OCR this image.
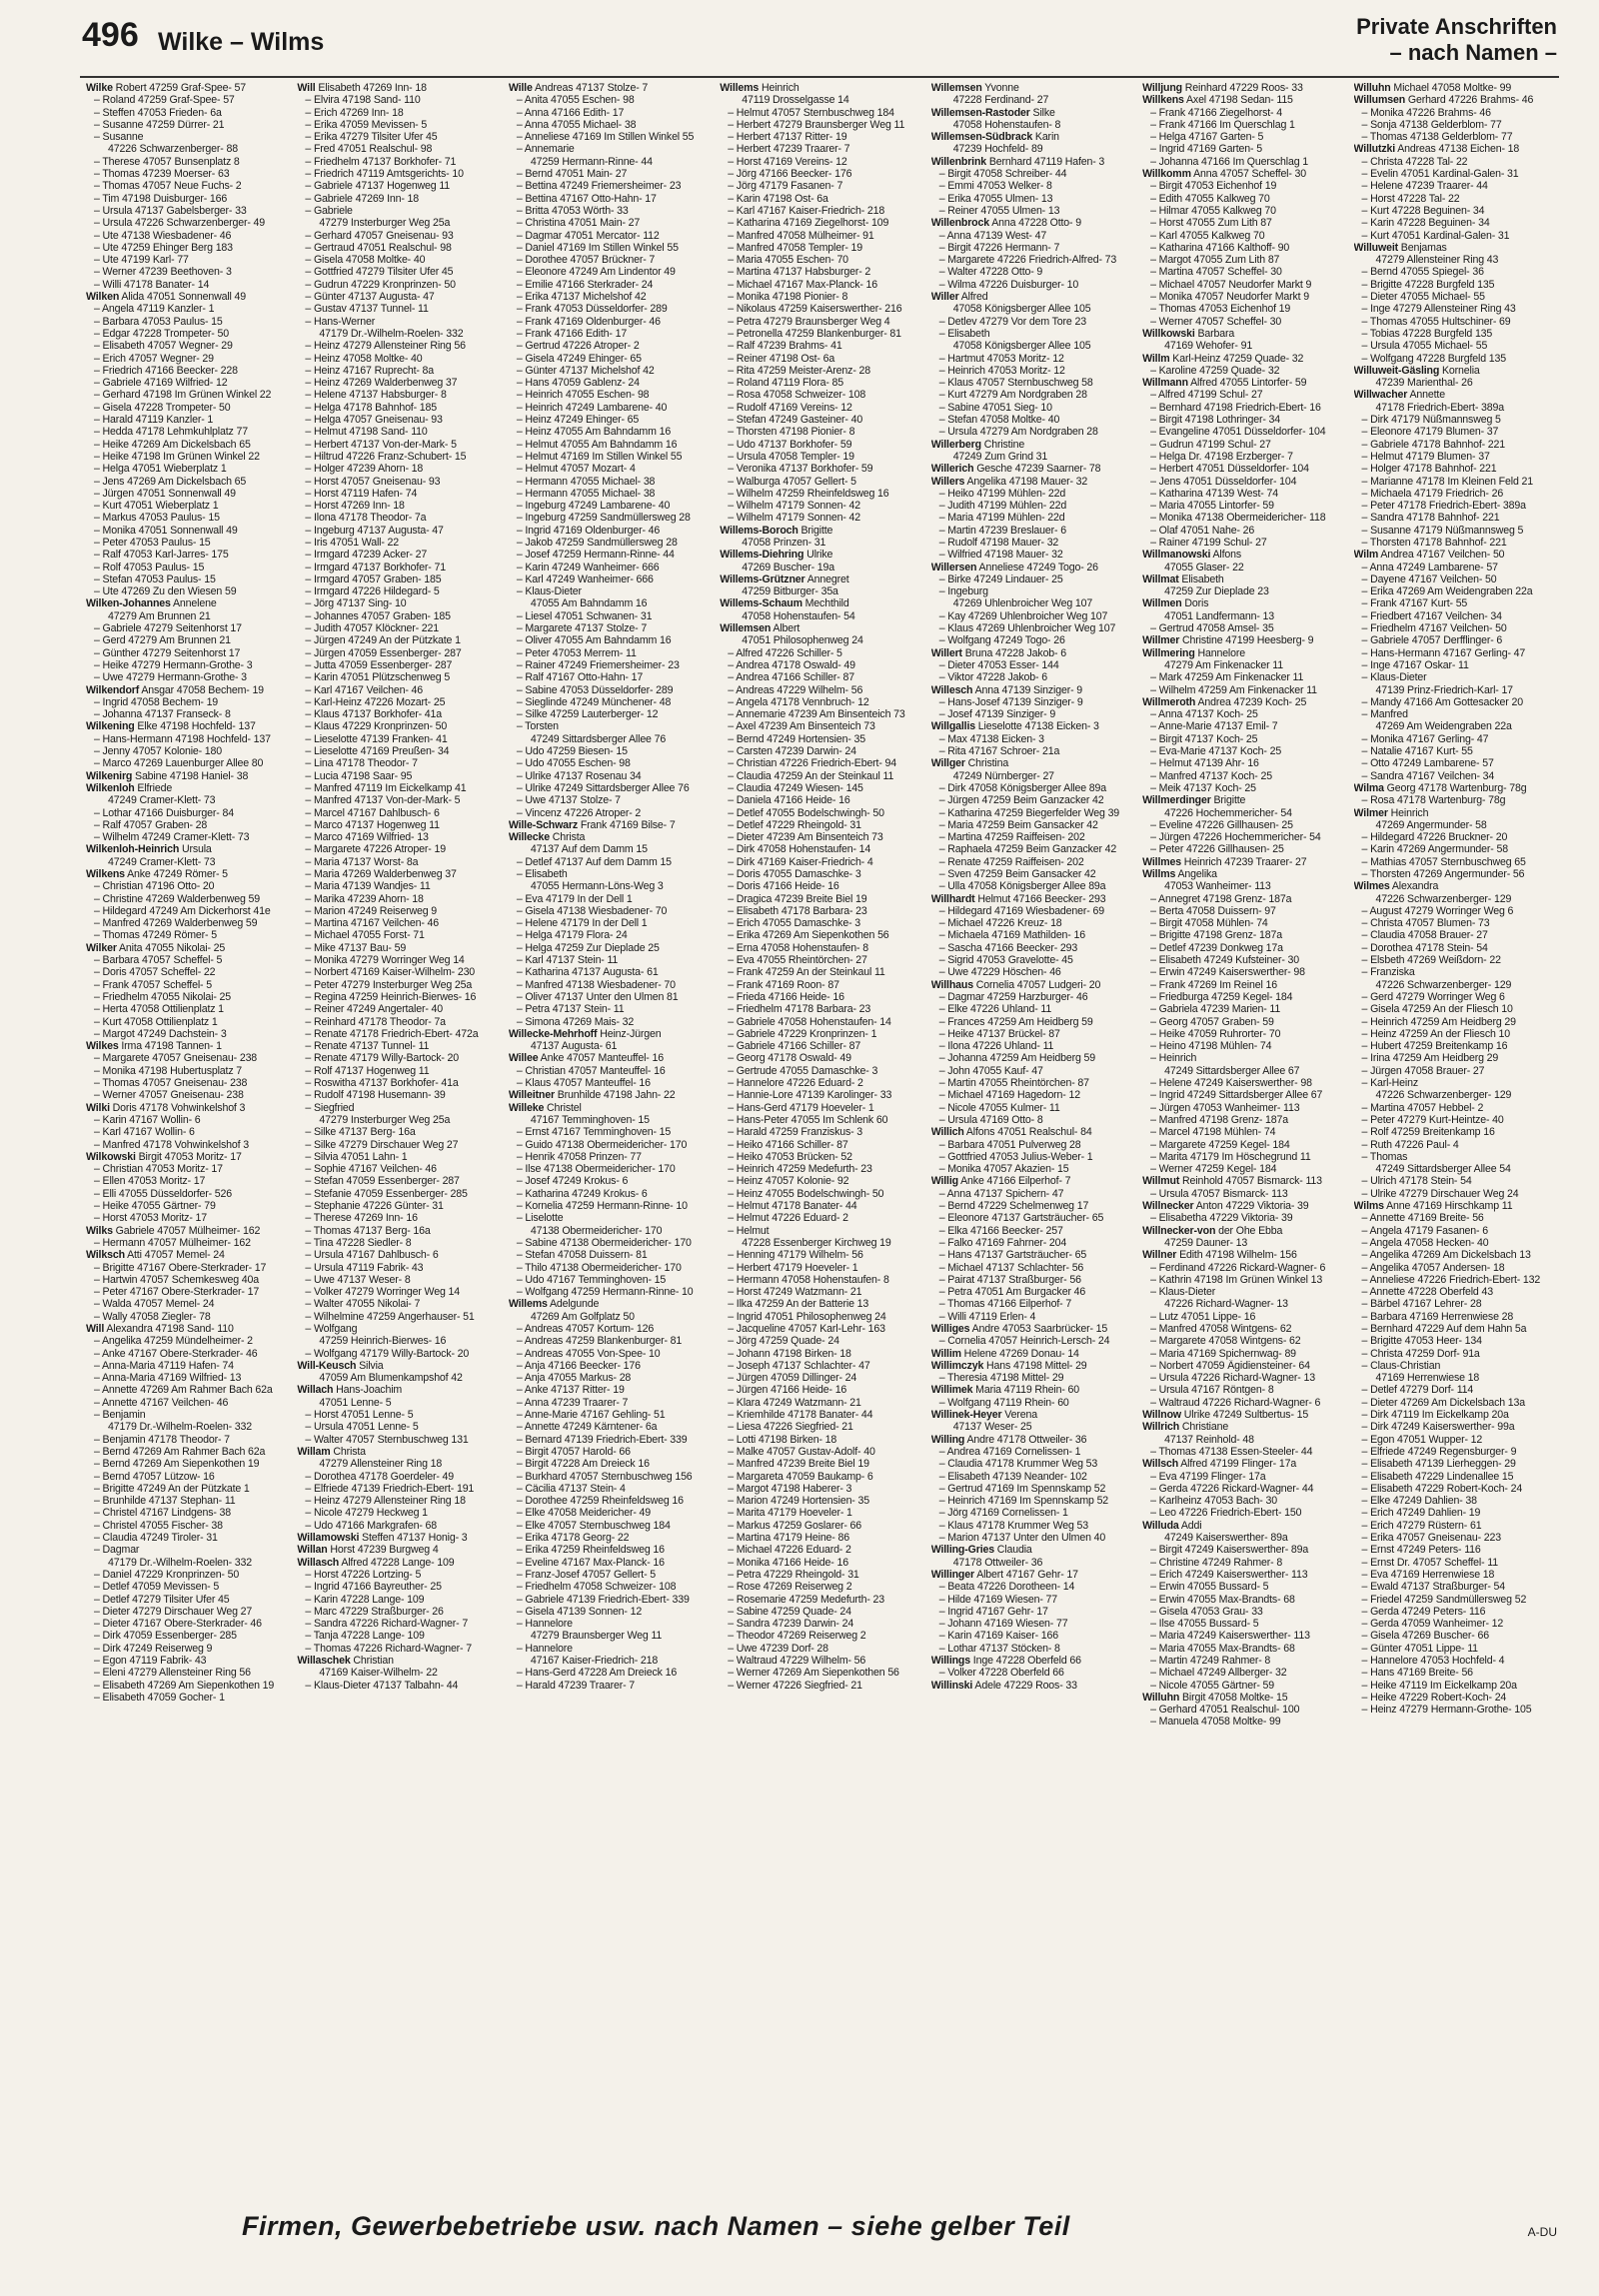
496 Wilke – Wilms
Private Anschriften
– nach Namen –
Wilke Robert 47259 Graf-Spee- 57
– Roland 47259 Graf-Spee- 57
– Steffen 47053 Frieden- 6a
– Susanne 47259 Dürrer- 21
– Susanne
47226 Schwarzenberger- 88
– Therese 47057 Bunsenplatz 8
– Thomas 47239 Moerser- 63
– Thomas 47057 Neue Fuchs- 2
– Tim 47198 Duisburger- 166
– Ursula 47137 Gabelsberger- 33
– Ursula 47226 Schwarzenberger- 49
– Ute 47138 Wiesbadener- 46
– Ute 47259 Ehinger Berg 183
– Ute 47199 Karl- 77
– Werner 47239 Beethoven- 3
– Willi 47178 Banater- 14
Wilken Alida 47051 Sonnenwall 49
– Angela 47119 Kanzler- 1
– Barbara 47053 Paulus- 15
– Edgar 47228 Trompeter- 50
– Elisabeth 47057 Wegner- 29
– Erich 47057 Wegner- 29
– Friedrich 47166 Beecker- 228
– Gabriele 47169 Wilfried- 12
– Gerhard 47198 Im Grünen Winkel 22
– Gisela 47228 Trompeter- 50
– Harald 47119 Kanzler- 1
– Hedda 47178 Lehmkuhlplatz 77
– Heike 47269 Am Dickelsbach 65
– Heike 47198 Im Grünen Winkel 22
– Helga 47051 Wieberplatz 1
– Jens 47269 Am Dickelsbach 65
– Jürgen 47051 Sonnenwall 49
– Kurt 47051 Wieberplatz 1
– Markus 47053 Paulus- 15
– Monika 47051 Sonnenwall 49
– Peter 47053 Paulus- 15
– Ralf 47053 Karl-Jarres- 175
– Rolf 47053 Paulus- 15
– Stefan 47053 Paulus- 15
– Ute 47269 Zu den Wiesen 59
Wilken-Johannes Annelene
47279 Am Brunnen 21
– Gabriele 47279 Seitenhorst 17
– Gerd 47279 Am Brunnen 21
– Günther 47279 Seitenhorst 17
– Heike 47279 Hermann-Grothe- 3
– Uwe 47279 Hermann-Grothe- 3
Wilkendorf Ansgar 47058 Bechem- 19
– Ingrid 47058 Bechem- 19
– Johanna 47137 Franseck- 8
Wilkening Elke 47198 Hochfeld- 137
– Hans-Hermann 47198 Hochfeld- 137
– Jenny 47057 Kolonie- 180
– Marco 47269 Lauenburger Allee 80
Wilkenirg Sabine 47198 Haniel- 38
Wilkenloh Elfriede
47249 Cramer-Klett- 73
– Lothar 47166 Duisburger- 84
– Ralf 47057 Graben- 28
– Wilhelm 47249 Cramer-Klett- 73
Wilkenloh-Heinrich Ursula
47249 Cramer-Klett- 73
Wilkens Anke 47249 Römer- 5
– Christian 47196 Otto- 20
– Christine 47269 Walderbenweg 59
– Hildegard 47249 Am Dickerhorst 41e
– Manfred 47269 Walderbenweg 59
– Thomas 47249 Römer- 5
Wilker Anita 47055 Nikolai- 25
– Barbara 47057 Scheffel- 5
– Doris 47057 Scheffel- 22
– Frank 47057 Scheffel- 5
– Friedhelm 47055 Nikolai- 25
– Herta 47058 Ottilienplatz 1
– Kurt 47058 Ottilienplatz 1
– Margot 47249 Dachstein- 3
Wilkes Irma 47198 Tannen- 1
– Margarete 47057 Gneisenau- 238
– Monika 47198 Hubertusplatz 7
– Thomas 47057 Gneisenau- 238
– Werner 47057 Gneisenau- 238
Wilki Doris 47178 Vohwinkelshof 3
– Karin 47167 Wollin- 6
– Karl 47167 Wollin- 6
– Manfred 47178 Vohwinkelshof 3
Wilkowski Birgit 47053 Moritz- 17
– Christian 47053 Moritz- 17
– Ellen 47053 Moritz- 17
– Elli 47055 Düsseldorfer- 526
– Heike 47055 Gärtner- 79
– Horst 47053 Moritz- 17
Wilks Gabriele 47057 Mülheimer- 162
– Hermann 47057 Mülheimer- 162
Wilksch Atti 47057 Memel- 24
– Brigitte 47167 Obere-Sterkrader- 17
– Hartwin 47057 Schemkesweg 40a
– Peter 47167 Obere-Sterkrader- 17
– Walda 47057 Memel- 24
– Wally 47058 Ziegler- 78
Will Alexandra 47198 Sand- 110
– Angelika 47259 Mündelheimer- 2
– Anke 47167 Obere-Sterkrader- 46
– Anna-Maria 47119 Hafen- 74
– Anna-Maria 47169 Wilfried- 13
– Annette 47269 Am Rahmer Bach 62a
– Annette 47167 Veilchen- 46
– Benjamin
47179 Dr.-Wilhelm-Roelen- 332
– Benjamin 47178 Theodor- 7
– Bernd 47269 Am Rahmer Bach 62a
– Bernd 47269 Am Siepenkothen 19
– Bernd 47057 Lützow- 16
– Brigitte 47249 An der Pützkate 1
– Brunhilde 47137 Stephan- 11
– Christel 47167 Lindgens- 38
– Christel 47055 Fischer- 38
– Claudia 47249 Tiroler- 31
– Dagmar
47179 Dr.-Wilhelm-Roelen- 332
– Daniel 47229 Kronprinzen- 50
– Detlef 47059 Mevissen- 5
– Detlef 47279 Tilsiter Ufer 45
– Dieter 47279 Dirschauer Weg 27
– Dieter 47167 Obere-Sterkrader- 46
– Dirk 47059 Essenberger- 285
– Dirk 47249 Reiserweg 9
– Egon 47119 Fabrik- 43
– Eleni 47279 Allensteiner Ring 56
– Elisabeth 47269 Am Siepenkothen 19
– Elisabeth 47059 Gocher- 1
Will Elisabeth 47269 Inn- 18
– Elvira 47198 Sand- 110
– Erich 47269 Inn- 18
– Erika 47059 Mevissen- 5
– Erika 47279 Tilsiter Ufer 45
– Fred 47051 Realschul- 98
– Friedhelm 47137 Borkhofer- 71
– Friedrich 47119 Amtsgerichts- 10
– Gabriele 47137 Hogenweg 11
– Gabriele 47269 Inn- 18
– Gabriele
47279 Insterburger Weg 25a
– Gerhard 47057 Gneisenau- 93
– Gertraud 47051 Realschul- 98
– Gisela 47058 Moltke- 40
– Gottfried 47279 Tilsiter Ufer 45
– Gudrun 47229 Kronprinzen- 50
– Günter 47137 Augusta- 47
– Gustav 47137 Tunnel- 11
– Hans-Werner
47179 Dr.-Wilhelm-Roelen- 332
– Heinz 47279 Allensteiner Ring 56
– Heinz 47058 Moltke- 40
– Heinz 47167 Ruprecht- 8a
– Heinz 47269 Walderbenweg 37
– Helene 47137 Habsburger- 8
– Helga 47178 Bahnhof- 185
– Helga 47057 Gneisenau- 93
– Helmut 47198 Sand- 110
– Herbert 47137 Von-der-Mark- 5
– Hiltrud 47226 Franz-Schubert- 15
– Holger 47239 Ahorn- 18
– Horst 47057 Gneisenau- 93
– Horst 47119 Hafen- 74
– Horst 47269 Inn- 18
– Ilona 47178 Theodor- 7a
– Ingeburg 47137 Augusta- 47
– Iris 47051 Wall- 22
– Irmgard 47239 Acker- 27
– Irmgard 47137 Borkhofer- 71
– Irmgard 47057 Graben- 185
– Irmgard 47226 Hildegard- 5
– Jörg 47137 Sing- 10
– Johannes 47057 Graben- 185
– Judith 47057 Klöckner- 221
– Jürgen 47249 An der Pützkate 1
– Jürgen 47059 Essenberger- 287
– Jutta 47059 Essenberger- 287
– Karin 47051 Plützschenweg 5
– Karl 47167 Veilchen- 46
– Karl-Heinz 47226 Mozart- 25
– Klaus 47137 Borkhofer- 41a
– Klaus 47229 Kronprinzen- 50
– Lieselotte 47139 Franken- 41
– Lieselotte 47169 Preußen- 34
– Lina 47178 Theodor- 7
– Lucia 47198 Saar- 95
– Manfred 47119 Im Eickelkamp 41
– Manfred 47137 Von-der-Mark- 5
– Marcel 47167 Dahlbusch- 6
– Marco 47137 Hogenweg 11
– Marco 47169 Wilfried- 13
– Margarete 47226 Atroper- 19
– Maria 47137 Worst- 8a
– Maria 47269 Walderbenweg 37
– Maria 47139 Wandjes- 11
– Marika 47239 Ahorn- 18
– Marion 47249 Reiserweg 9
– Martina 47167 Veilchen- 46
– Michael 47055 Forst- 71
– Mike 47137 Bau- 59
– Monika 47279 Worringer Weg 14
– Norbert 47169 Kaiser-Wilhelm- 230
– Peter 47279 Insterburger Weg 25a
– Regina 47259 Heinrich-Bierwes- 16
– Reiner 47249 Angertaler- 40
– Reinhard 47178 Theodor- 7a
– Renate 47178 Friedrich-Ebert- 472a
– Renate 47137 Tunnel- 11
– Renate 47179 Willy-Bartock- 20
– Rolf 47137 Hogenweg 11
– Roswitha 47137 Borkhofer- 41a
– Rudolf 47198 Husemann- 39
– Siegfried
47279 Insterburger Weg 25a
– Silke 47137 Berg- 16a
– Silke 47279 Dirschauer Weg 27
– Silvia 47051 Lahn- 1
– Sophie 47167 Veilchen- 46
– Stefan 47059 Essenberger- 287
– Stefanie 47059 Essenberger- 285
– Stephanie 47226 Günter- 31
– Therese 47269 Inn- 16
– Thomas 47137 Berg- 16a
– Tina 47228 Siedler- 8
– Ursula 47167 Dahlbusch- 6
– Ursula 47119 Fabrik- 43
– Uwe 47137 Weser- 8
– Volker 47279 Worringer Weg 14
– Walter 47055 Nikolai- 7
– Wilhelmine 47259 Angerhauser- 51
– Wolfgang
47259 Heinrich-Bierwes- 16
– Wolfgang 47179 Willy-Bartock- 20
Will-Keusch Silvia
47059 Am Blumenkampshof 42
Willach Hans-Joachim
47051 Lenne- 5
– Horst 47051 Lenne- 5
– Ursula 47051 Lenne- 5
– Walter 47057 Sternbuschweg 131
Willam Christa
47279 Allensteiner Ring 18
– Dorothea 47178 Goerdeler- 49
– Elfriede 47139 Friedrich-Ebert- 191
– Heinz 47279 Allensteiner Ring 18
– Nicole 47279 Heckweg 1
– Udo 47166 Markgrafen- 68
Willamowski Steffen 47137 Honig- 3
Willan Horst 47239 Burgweg 4
Willasch Alfred 47228 Lange- 109
– Horst 47226 Lortzing- 5
– Ingrid 47166 Bayreuther- 25
– Karin 47228 Lange- 109
– Marc 47229 Straßburger- 26
– Sandra 47226 Richard-Wagner- 7
– Tanja 47228 Lange- 109
– Thomas 47226 Richard-Wagner- 7
Willaschek Christian
47169 Kaiser-Wilhelm- 22
– Klaus-Dieter 47137 Talbahn- 44
Wille Andreas 47137 Stolze- 7
– Anita 47055 Eschen- 98
– Anna 47166 Edith- 17
– Anna 47055 Michael- 38
– Anneliese 47169 Im Stillen Winkel 55
– Annemarie
47259 Hermann-Rinne- 44
– Bernd 47051 Main- 27
– Bettina 47249 Friemersheimer- 23
– Bettina 47167 Otto-Hahn- 17
– Britta 47053 Wörth- 33
– Christina 47051 Main- 27
– Dagmar 47051 Mercator- 112
– Daniel 47169 Im Stillen Winkel 55
– Dorothee 47057 Brückner- 7
– Eleonore 47249 Am Lindentor 49
– Emilie 47166 Sterkrader- 24
– Erika 47137 Michelshof 42
– Frank 47053 Düsseldorfer- 289
– Frank 47169 Oldenburger- 46
– Frank 47166 Edith- 17
– Gertrud 47226 Atroper- 2
– Gisela 47249 Ehinger- 65
– Günter 47137 Michelshof 42
– Hans 47059 Gablenz- 24
– Heinrich 47055 Eschen- 98
– Heinrich 47249 Lambarene- 40
– Heinz 47249 Ehinger- 65
– Heinz 47055 Am Bahndamm 16
– Helmut 47055 Am Bahndamm 16
– Helmut 47169 Im Stillen Winkel 55
– Helmut 47057 Mozart- 4
– Hermann 47055 Michael- 38
– Hermann 47055 Michael- 38
– Ingeburg 47249 Lambarene- 40
– Ingeburg 47259 Sandmüllersweg 28
– Ingrid 47169 Oldenburger- 46
– Jakob 47259 Sandmüllersweg 28
– Josef 47259 Hermann-Rinne- 44
– Karin 47249 Wanheimer- 666
– Karl 47249 Wanheimer- 666
– Klaus-Dieter
47055 Am Bahndamm 16
– Liesel 47051 Schwanen- 31
– Margarete 47137 Stolze- 7
– Oliver 47055 Am Bahndamm 16
– Peter 47053 Merrem- 11
– Rainer 47249 Friemersheimer- 23
– Ralf 47167 Otto-Hahn- 17
– Sabine 47053 Düsseldorfer- 289
– Sieglinde 47249 Münchener- 48
– Silke 47259 Lauterberger- 12
– Torsten
47249 Sittardsberger Allee 76
– Udo 47259 Biesen- 15
– Udo 47055 Eschen- 98
– Ulrike 47137 Rosenau 34
– Ulrike 47249 Sittardsberger Allee 76
– Uwe 47137 Stolze- 7
– Vincenz 47226 Atroper- 2
Wille-Schwarz Frank 47169 Bilse- 7
Willecke Christa
47137 Auf dem Damm 15
– Detlef 47137 Auf dem Damm 15
– Elisabeth
47055 Hermann-Löns-Weg 3
– Eva 47179 In der Dell 1
– Gisela 47138 Wiesbadener- 70
– Helene 47179 In der Dell 1
– Helga 47179 Flora- 24
– Helga 47259 Zur Dieplade 25
– Karl 47137 Stein- 11
– Katharina 47137 Augusta- 61
– Manfred 47138 Wiesbadener- 70
– Oliver 47137 Unter den Ulmen 81
– Petra 47137 Stein- 11
– Simona 47269 Mais- 32
Willecke-Mehrhoff Heinz-Jürgen
47137 Augusta- 61
Willee Anke 47057 Manteuffel- 16
– Christian 47057 Manteuffel- 16
– Klaus 47057 Manteuffel- 16
Willeitner Brunhilde 47198 Jahn- 22
Willeke Christel
47167 Temminghoven- 15
– Ernst 47167 Temminghoven- 15
– Guido 47138 Obermeidericher- 170
– Henrik 47058 Prinzen- 77
– Ilse 47138 Obermeidericher- 170
– Josef 47249 Krokus- 6
– Katharina 47249 Krokus- 6
– Kornelia 47259 Hermann-Rinne- 10
– Liselotte
47138 Obermeidericher- 170
– Sabine 47138 Obermeidericher- 170
– Stefan 47058 Duissern- 81
– Thilo 47138 Obermeidericher- 170
– Udo 47167 Temminghoven- 15
– Wolfgang 47259 Hermann-Rinne- 10
Willems Adelgunde
47269 Am Golfplatz 50
– Andreas 47057 Kortum- 126
– Andreas 47259 Blankenburger- 81
– Andreas 47055 Von-Spee- 10
– Anja 47166 Beecker- 176
– Anja 47055 Markus- 28
– Anke 47137 Ritter- 19
– Anna 47239 Traarer- 7
– Anne-Marie 47167 Gehling- 51
– Annette 47249 Kärntener- 6a
– Bernard 47139 Friedrich-Ebert- 339
– Birgit 47057 Harold- 66
– Birgit 47228 Am Dreieck 16
– Burkhard 47057 Sternbuschweg 156
– Cäcilia 47137 Stein- 4
– Dorothee 47259 Rheinfeldsweg 16
– Elke 47058 Meidericher- 49
– Elke 47057 Sternbuschweg 184
– Erika 47178 Georg- 22
– Erika 47259 Rheinfeldsweg 16
– Eveline 47167 Max-Planck- 16
– Franz-Josef 47057 Gellert- 5
– Friedhelm 47058 Schweizer- 108
– Gabriele 47139 Friedrich-Ebert- 339
– Gisela 47139 Sonnen- 12
– Hannelore
47279 Braunsberger Weg 11
– Hannelore
47167 Kaiser-Friedrich- 218
– Hans-Gerd 47228 Am Dreieck 16
– Harald 47239 Traarer- 7
Willems Heinrich
47119 Drosselgasse 14
– Helmut 47057 Sternbuschweg 184
– Herbert 47279 Braunsberger Weg 11
– Herbert 47137 Ritter- 19
– Herbert 47239 Traarer- 7
– Horst 47169 Vereins- 12
– Jörg 47166 Beecker- 176
– Jörg 47179 Fasanen- 7
– Karin 47198 Ost- 6a
– Karl 47167 Kaiser-Friedrich- 218
– Katharina 47169 Ziegelhorst- 109
– Manfred 47058 Mülheimer- 91
– Manfred 47058 Templer- 19
– Maria 47055 Eschen- 70
– Martina 47137 Habsburger- 2
– Michael 47167 Max-Planck- 16
– Monika 47198 Pionier- 8
– Nikolaus 47259 Kaiserswerther- 216
– Petra 47279 Braunsberger Weg 4
– Petronella 47259 Blankenburger- 81
– Ralf 47239 Brahms- 41
– Reiner 47198 Ost- 6a
– Rita 47259 Meister-Arenz- 28
– Roland 47119 Flora- 85
– Rosa 47058 Schweizer- 108
– Rudolf 47169 Vereins- 12
– Stefan 47249 Gasteiner- 40
– Thorsten 47198 Pionier- 8
– Udo 47137 Borkhofer- 59
– Ursula 47058 Templer- 19
– Veronika 47137 Borkhofer- 59
– Walburga 47057 Gellert- 5
– Wilhelm 47259 Rheinfeldsweg 16
– Wilhelm 47179 Sonnen- 42
– Wilhelm 47179 Sonnen- 42
Willems-Boroch Brigitte
47058 Prinzen- 31
Willems-Diehring Ulrike
47269 Buscher- 19a
Willems-Grützner Annegret
47259 Bitburger- 35a
Willems-Schaum Mechthild
47058 Hohenstaufen- 54
Willemsen Albert
47051 Philosophenweg 24
– Alfred 47226 Schiller- 5
– Andrea 47178 Oswald- 49
– Andrea 47166 Schiller- 87
– Andreas 47229 Wilhelm- 56
– Angela 47178 Vennbruch- 12
– Annemarie 47239 Am Binsenteich 73
– Axel 47239 Am Binsenteich 73
– Bernd 47249 Hortensien- 35
– Carsten 47239 Darwin- 24
– Christian 47226 Friedrich-Ebert- 94
– Claudia 47259 An der Steinkaul 11
– Claudia 47249 Wiesen- 145
– Daniela 47166 Heide- 16
– Detlef 47055 Bodelschwingh- 50
– Detlef 47229 Rheingold- 31
– Dieter 47239 Am Binsenteich 73
– Dirk 47058 Hohenstaufen- 14
– Dirk 47169 Kaiser-Friedrich- 4
– Doris 47055 Damaschke- 3
– Doris 47166 Heide- 16
– Dragica 47239 Breite Biel 19
– Elisabeth 47178 Barbara- 23
– Erich 47055 Damaschke- 3
– Erika 47269 Am Siepenkothen 56
– Erna 47058 Hohenstaufen- 8
– Eva 47055 Rheintörchen- 27
– Frank 47259 An der Steinkaul 11
– Frank 47169 Roon- 87
– Frieda 47166 Heide- 16
– Friedhelm 47178 Barbara- 23
– Gabriele 47058 Hohenstaufen- 14
– Gabriele 47229 Kronprinzen- 1
– Gabriele 47166 Schiller- 87
– Georg 47178 Oswald- 49
– Gertrude 47055 Damaschke- 3
– Hannelore 47226 Eduard- 2
– Hannie-Lore 47139 Karolinger- 33
– Hans-Gerd 47179 Hoeveler- 1
– Hans-Peter 47055 Im Schlenk 60
– Harald 47259 Franziskus- 3
– Heiko 47166 Schiller- 87
– Heiko 47053 Brücken- 52
– Heinrich 47259 Medefurth- 23
– Heinz 47057 Kolonie- 92
– Heinz 47055 Bodelschwingh- 50
– Helmut 47178 Banater- 44
– Helmut 47226 Eduard- 2
– Helmut
47228 Essenberger Kirchweg 19
– Henning 47179 Wilhelm- 56
– Herbert 47179 Hoeveler- 1
– Hermann 47058 Hohenstaufen- 8
– Horst 47249 Watzmann- 21
– Ilka 47259 An der Batterie 13
– Ingrid 47051 Philosophenweg 24
– Jacqueline 47057 Karl-Lehr- 163
– Jörg 47259 Quade- 24
– Johann 47198 Birken- 18
– Joseph 47137 Schlachter- 47
– Jürgen 47059 Dillinger- 24
– Jürgen 47166 Heide- 16
– Klara 47249 Watzmann- 21
– Kriemhilde 47178 Banater- 44
– Liesa 47226 Siegfried- 21
– Lotti 47198 Birken- 18
– Malke 47057 Gustav-Adolf- 40
– Manfred 47239 Breite Biel 19
– Margareta 47059 Baukamp- 6
– Margot 47198 Haberer- 3
– Marion 47249 Hortensien- 35
– Marita 47179 Hoeveler- 1
– Markus 47259 Goslarer- 66
– Martina 47179 Heine- 86
– Michael 47226 Eduard- 2
– Monika 47166 Heide- 16
– Petra 47229 Rheingold- 31
– Rose 47269 Reiserweg 2
– Rosemarie 47259 Medefurth- 23
– Sabine 47259 Quade- 24
– Sandra 47239 Darwin- 24
– Theodor 47269 Reiserweg 2
– Uwe 47239 Dorf- 28
– Waltraud 47229 Wilhelm- 56
– Werner 47269 Am Siepenkothen 56
– Werner 47226 Siegfried- 21
Willemsen Yvonne
47228 Ferdinand- 27
Willemsen-Rastoder Silke
47058 Hohenstaufen- 8
Willemsen-Südbrack Karin
47239 Hochfeld- 89
Willenbrink Bernhard 47119 Hafen- 3
– Birgit 47058 Schreiber- 44
– Emmi 47053 Welker- 8
– Erika 47055 Ulmen- 13
– Reiner 47055 Ulmen- 13
Willenbrock Anna 47228 Otto- 9
– Anna 47139 West- 47
– Birgit 47226 Hermann- 7
– Margarete 47226 Friedrich-Alfred- 73
– Walter 47228 Otto- 9
– Wilma 47226 Duisburger- 10
Willer Alfred
47058 Königsberger Allee 105
– Detlev 47279 Vor dem Tore 23
– Elisabeth
47058 Königsberger Allee 105
– Hartmut 47053 Moritz- 12
– Heinrich 47053 Moritz- 12
– Klaus 47057 Sternbuschweg 58
– Kurt 47279 Am Nordgraben 28
– Sabine 47051 Sieg- 10
– Stefan 47058 Moltke- 40
– Ursula 47279 Am Nordgraben 28
Willerberg Christine
47249 Zum Grind 31
Willerich Gesche 47239 Saarner- 78
Willers Angelika 47198 Mauer- 32
– Heiko 47199 Mühlen- 22d
– Judith 47199 Mühlen- 22d
– Maria 47199 Mühlen- 22d
– Martin 47239 Breslauer- 6
– Rudolf 47198 Mauer- 32
– Wilfried 47198 Mauer- 32
Willersen Anneliese 47249 Togo- 26
– Birke 47249 Lindauer- 25
– Ingeburg
47269 Uhlenbroicher Weg 107
– Kay 47269 Uhlenbroicher Weg 107
– Klaus 47269 Uhlenbroicher Weg 107
– Wolfgang 47249 Togo- 26
Willert Bruna 47228 Jakob- 6
– Dieter 47053 Esser- 144
– Viktor 47228 Jakob- 6
Willesch Anna 47139 Sinziger- 9
– Hans-Josef 47139 Sinziger- 9
– Josef 47139 Sinziger- 9
Willgallis Lieselotte 47138 Eicken- 3
– Max 47138 Eicken- 3
– Rita 47167 Schroer- 21a
Willger Christina
47249 Nürnberger- 27
– Dirk 47058 Königsberger Allee 89a
– Jürgen 47259 Beim Ganzacker 42
– Katharina 47259 Biegerfelder Weg 39
– Maria 47259 Beim Gansacker 42
– Martina 47259 Raiffeisen- 202
– Raphaela 47259 Beim Ganzacker 42
– Renate 47259 Raiffeisen- 202
– Sven 47259 Beim Gansacker 42
– Ulla 47058 Königsberger Allee 89a
Willhardt Helmut 47166 Beecker- 293
– Hildegard 47169 Wiesbadener- 69
– Michael 47226 Kreuz- 18
– Michaela 47169 Mathilden- 16
– Sascha 47166 Beecker- 293
– Sigrid 47053 Gravelotte- 45
– Uwe 47229 Höschen- 46
Willhaus Cornelia 47057 Ludgeri- 20
– Dagmar 47259 Harzburger- 46
– Elke 47226 Uhland- 11
– Frances 47259 Am Heidberg 59
– Heike 47137 Brückel- 87
– Ilona 47226 Uhland- 11
– Johanna 47259 Am Heidberg 59
– John 47055 Kauf- 47
– Martin 47055 Rheintörchen- 87
– Michael 47169 Hagedorn- 12
– Nicole 47055 Kulmer- 11
– Ursula 47169 Otto- 8
Willich Alfons 47051 Realschul- 84
– Barbara 47051 Pulverweg 28
– Gottfried 47053 Julius-Weber- 1
– Monika 47057 Akazien- 15
Willig Anke 47166 Eilperhof- 7
– Anna 47137 Spichern- 47
– Bernd 47229 Schelmenweg 17
– Eleonore 47137 Gartsträucher- 65
– Elka 47166 Beecker- 257
– Falko 47169 Fahrner- 204
– Hans 47137 Gartsträucher- 65
– Michael 47137 Schlachter- 56
– Pairat 47137 Straßburger- 56
– Petra 47051 Am Burgacker 46
– Thomas 47166 Eilperhof- 7
– Willi 47119 Erlen- 4
Williges Andre 47053 Saarbrücker- 15
– Cornelia 47057 Heinrich-Lersch- 24
Willim Helene 47269 Donau- 14
Willimczyk Hans 47198 Mittel- 29
– Theresia 47198 Mittel- 29
Willimek Maria 47119 Rhein- 60
– Wolfgang 47119 Rhein- 60
Willinek-Heyer Verena
47137 Weser- 25
Willing Andre 47178 Ottweiler- 36
– Andrea 47169 Cornelissen- 1
– Claudia 47178 Krummer Weg 53
– Elisabeth 47139 Neander- 102
– Gertrud 47169 Im Spennskamp 52
– Heinrich 47169 Im Spennskamp 52
– Jörg 47169 Cornelissen- 1
– Klaus 47178 Krummer Weg 53
– Marion 47137 Unter den Ulmen 40
Willing-Gries Claudia
47178 Ottweiler- 36
Willinger Albert 47167 Gehr- 17
– Beata 47226 Dorotheen- 14
– Hilde 47169 Wiesen- 77
– Ingrid 47167 Gehr- 17
– Johann 47169 Wiesen- 77
– Karin 47169 Kaiser- 166
– Lothar 47137 Stöcken- 8
Willings Inge 47228 Oberfeld 66
– Volker 47228 Oberfeld 66
Willinski Adele 47229 Roos- 33
Willjung Reinhard 47229 Roos- 33
Willkens Axel 47198 Sedan- 115
– Frank 47166 Ziegelhorst- 4
– Frank 47166 Im Querschlag 1
– Helga 47167 Garten- 5
– Ingrid 47169 Garten- 5
– Johanna 47166 Im Querschlag 1
Willkomm Anna 47057 Scheffel- 30
– Birgit 47053 Eichenhof 19
– Edith 47055 Kalkweg 70
– Hilmar 47055 Kalkweg 70
– Horst 47055 Zum Lith 87
– Karl 47055 Kalkweg 70
– Katharina 47166 Kalthoff- 90
– Margot 47055 Zum Lith 87
– Martina 47057 Scheffel- 30
– Michael 47057 Neudorfer Markt 9
– Monika 47057 Neudorfer Markt 9
– Thomas 47053 Eichenhof 19
– Werner 47057 Scheffel- 30
Willkowski Barbara
47169 Wehofer- 91
Willm Karl-Heinz 47259 Quade- 32
– Karoline 47259 Quade- 32
Willmann Alfred 47055 Lintorfer- 59
– Alfred 47199 Schul- 27
– Bernhard 47198 Friedrich-Ebert- 16
– Birgit 47198 Lothringer- 34
– Evangeline 47051 Düsseldorfer- 104
– Gudrun 47199 Schul- 27
– Helga Dr. 47198 Erzberger- 7
– Herbert 47051 Düsseldorfer- 104
– Jens 47051 Düsseldorfer- 104
– Katharina 47139 West- 74
– Maria 47055 Lintorfer- 59
– Monika 47138 Obermeidericher- 118
– Olaf 47051 Nahe- 26
– Rainer 47199 Schul- 27
Willmanowski Alfons
47055 Glaser- 22
Willmat Elisabeth
47259 Zur Dieplade 23
Willmen Doris
47051 Landfermann- 13
– Gertrud 47058 Amsel- 35
Willmer Christine 47199 Heesberg- 9
Willmering Hannelore
47279 Am Finkenacker 11
– Mark 47259 Am Finkenacker 11
– Wilhelm 47259 Am Finkenacker 11
Willmeroth Andrea 47239 Koch- 25
– Anna 47137 Koch- 25
– Anne-Marie 47137 Emil- 7
– Birgit 47137 Koch- 25
– Eva-Marie 47137 Koch- 25
– Helmut 47139 Ahr- 16
– Manfred 47137 Koch- 25
– Meik 47137 Koch- 25
Willmerdinger Brigitte
47226 Hochemmericher- 54
– Eveline 47226 Gillhausen- 25
– Jürgen 47226 Hochemmericher- 54
– Peter 47226 Gillhausen- 25
Willmes Heinrich 47239 Traarer- 27
Willms Angelika
47053 Wanheimer- 113
– Annegret 47198 Grenz- 187a
– Berta 47058 Duissern- 97
– Birgit 47058 Mühlen- 74
– Brigitte 47198 Grenz- 187a
– Detlef 47239 Donkweg 17a
– Elisabeth 47249 Kufsteiner- 30
– Erwin 47249 Kaiserswerther- 98
– Frank 47269 Im Reinel 16
– Friedburga 47259 Kegel- 184
– Gabriela 47239 Marien- 11
– Georg 47057 Graben- 59
– Heike 47059 Ruhrorter- 70
– Heino 47198 Mühlen- 74
– Heinrich
47249 Sittardsberger Allee 67
– Helene 47249 Kaiserswerther- 98
– Ingrid 47249 Sittardsberger Allee 67
– Jürgen 47053 Wanheimer- 113
– Manfred 47198 Grenz- 187a
– Marcel 47198 Mühlen- 74
– Margarete 47259 Kegel- 184
– Marita 47179 Im Höschegrund 11
– Werner 47259 Kegel- 184
Willmut Reinhold 47057 Bismarck- 113
– Ursula 47057 Bismarck- 113
Willnecker Anton 47229 Viktoria- 39
– Elisabetha 47229 Viktoria- 39
Willnecker-von der Ohe Ebba
47259 Dauner- 13
Willner Edith 47198 Wilhelm- 156
– Ferdinand 47226 Rickard-Wagner- 6
– Kathrin 47198 Im Grünen Winkel 13
– Klaus-Dieter
47226 Richard-Wagner- 13
– Lutz 47051 Lippe- 16
– Manfred 47058 Wintgens- 62
– Margarete 47058 Wintgens- 62
– Maria 47169 Spichernwag- 89
– Norbert 47059 Ägidiensteiner- 64
– Ursula 47226 Richard-Wagner- 13
– Ursula 47167 Röntgen- 8
– Waltraud 47226 Richard-Wagner- 6
Willnow Ulrike 47249 Sultbertus- 15
Willrich Christiane
47137 Reinhold- 48
– Thomas 47138 Essen-Steeler- 44
Willsch Alfred 47199 Flinger- 17a
– Eva 47199 Flinger- 17a
– Gerda 47226 Rickard-Wagner- 44
– Karlheinz 47053 Bach- 30
– Leo 47226 Friedrich-Ebert- 150
Willuda Addi
47249 Kaiserswerther- 89a
– Birgit 47249 Kaiserswerther- 89a
– Christine 47249 Rahmer- 8
– Erich 47249 Kaiserswerther- 113
– Erwin 47055 Bussard- 5
– Erwin 47055 Max-Brandts- 68
– Gisela 47053 Grau- 33
– Ilse 47055 Bussard- 5
– Maria 47249 Kaiserswerther- 113
– Maria 47055 Max-Brandts- 68
– Martin 47249 Rahmer- 8
– Michael 47249 Allberger- 32
– Nicole 47055 Gärtner- 59
Willuhn Birgit 47058 Moltke- 15
– Gerhard 47051 Realschul- 100
– Manuela 47058 Moltke- 99
Willuhn Michael 47058 Moltke- 99
Willumsen Gerhard 47226 Brahms- 46
– Monika 47226 Brahms- 46
– Sonja 47138 Gelderblom- 77
– Thomas 47138 Gelderblom- 77
Willutzki Andreas 47138 Eichen- 18
– Christa 47228 Tal- 22
– Evelin 47051 Kardinal-Galen- 31
– Helene 47239 Traarer- 44
– Horst 47228 Tal- 22
– Kurt 47228 Beguinen- 34
– Karin 47228 Beguinen- 34
– Kurt 47051 Kardinal-Galen- 31
Willuweit Benjamas
47279 Allensteiner Ring 43
– Bernd 47055 Spiegel- 36
– Brigitte 47228 Burgfeld 135
– Dieter 47055 Michael- 55
– Inge 47279 Allensteiner Ring 43
– Thomas 47055 Hultschiner- 69
– Tobias 47228 Burgfeld 135
– Ursula 47055 Michael- 55
– Wolfgang 47228 Burgfeld 135
Willuweit-Gäsling Kornelia
47239 Marienthal- 26
Willwacher Annette
47178 Friedrich-Ebert- 389a
– Dirk 47179 Nüßmannsweg 5
– Eleonore 47179 Blumen- 37
– Gabriele 47178 Bahnhof- 221
– Helmut 47179 Blumen- 37
– Holger 47178 Bahnhof- 221
– Marianne 47178 Im Kleinen Feld 21
– Michaela 47179 Friedrich- 26
– Peter 47178 Friedrich-Ebert- 389a
– Sandra 47178 Bahnhof- 221
– Susanne 47179 Nüßmannsweg 5
– Thorsten 47178 Bahnhof- 221
Wilm Andrea 47167 Veilchen- 50
– Anna 47249 Lambarene- 57
– Dayene 47167 Veilchen- 50
– Erika 47269 Am Weidengraben 22a
– Frank 47167 Kurt- 55
– Friedbert 47167 Veilchen- 34
– Friedhelm 47167 Veilchen- 50
– Gabriele 47057 Derfflinger- 6
– Hans-Hermann 47167 Gerling- 47
– Inge 47167 Oskar- 11
– Klaus-Dieter
47139 Prinz-Friedrich-Karl- 17
– Mandy 47166 Am Gottesacker 20
– Manfred
47269 Am Weidengraben 22a
– Monika 47167 Gerling- 47
– Natalie 47167 Kurt- 55
– Otto 47249 Lambarene- 57
– Sandra 47167 Veilchen- 34
Wilma Georg 47178 Wartenburg- 78g
– Rosa 47178 Wartenburg- 78g
Wilmer Heinrich
47269 Angermunder- 58
– Hildegard 47226 Bruckner- 20
– Karin 47269 Angermunder- 58
– Mathias 47057 Sternbuschweg 65
– Thorsten 47269 Angermunder- 56
Wilmes Alexandra
47226 Schwarzenberger- 129
– August 47279 Worringer Weg 6
– Christa 47057 Blumen- 73
– Claudia 47058 Brauer- 27
– Dorothea 47178 Stein- 54
– Elsbeth 47269 Weißdorn- 22
– Franziska
47226 Schwarzenberger- 129
– Gerd 47279 Worringer Weg 6
– Gisela 47259 An der Fliesch 10
– Heinrich 47259 Am Heidberg 29
– Heinz 47259 An der Fliesch 10
– Hubert 47259 Breitenkamp 16
– Irina 47259 Am Heidberg 29
– Jürgen 47058 Brauer- 27
– Karl-Heinz
47226 Schwarzenberger- 129
– Martina 47057 Hebbel- 2
– Peter 47279 Kurt-Heintze- 40
– Rolf 47259 Breitenkamp 16
– Ruth 47226 Paul- 4
– Thomas
47249 Sittardsberger Allee 54
– Ulrich 47178 Stein- 54
– Ulrike 47279 Dirschauer Weg 24
Wilms Anne 47169 Hirschkamp 11
– Annette 47169 Breite- 56
– Angela 47179 Fasanen- 6
– Angela 47058 Hecken- 40
– Angelika 47269 Am Dickelsbach 13
– Angelika 47057 Andersen- 18
– Anneliese 47226 Friedrich-Ebert- 132
– Annette 47228 Oberfeld 43
– Bärbel 47167 Lehrer- 28
– Barbara 47169 Herrenwiese 28
– Bernhard 47229 Auf dem Hahn 5a
– Brigitte 47053 Heer- 134
– Christa 47259 Dorf- 91a
– Claus-Christian
47169 Herrenwiese 18
– Detlef 47279 Dorf- 114
– Dieter 47269 Am Dickelsbach 13a
– Dirk 47119 Im Eickelkamp 20a
– Dirk 47249 Kaiserswerther- 99a
– Egon 47051 Wupper- 12
– Elfriede 47249 Regensburger- 9
– Elisabeth 47139 Lierheggen- 29
– Elisabeth 47229 Lindenallee 15
– Elisabeth 47229 Robert-Koch- 24
– Elke 47249 Dahlien- 38
– Erich 47249 Dahlien- 19
– Erich 47279 Rüstern- 61
– Erika 47057 Gneisenau- 223
– Ernst 47249 Peters- 116
– Ernst Dr. 47057 Scheffel- 11
– Eva 47169 Herrenwiese 18
– Ewald 47137 Straßburger- 54
– Friedel 47259 Sandmüllersweg 52
– Gerda 47249 Peters- 116
– Gerda 47059 Wanheimer- 12
– Gisela 47269 Buscher- 66
– Günter 47051 Lippe- 11
– Hannelore 47053 Hochfeld- 4
– Hans 47169 Breite- 56
– Heike 47119 Im Eickelkamp 20a
– Heike 47229 Robert-Koch- 24
– Heinz 47279 Hermann-Grothe- 105
Firmen, Gewerbebetriebe usw. nach Namen – siehe gelber Teil	A-DU
